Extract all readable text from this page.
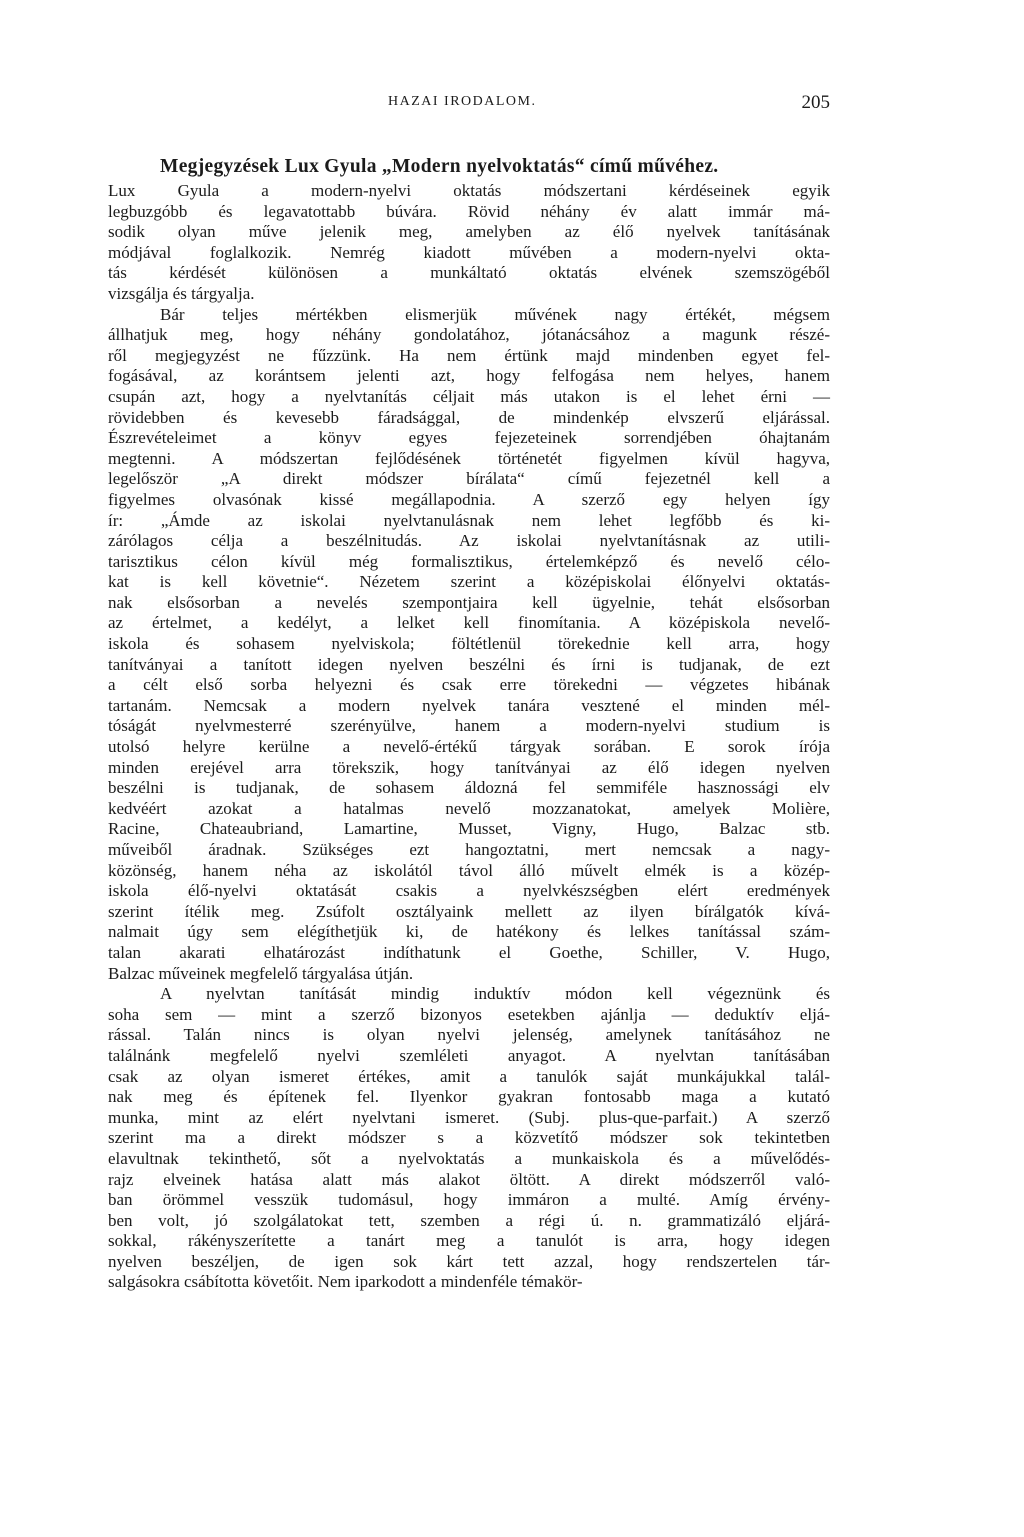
HAZAI IRODALOM.	205
Megjegyzések Lux Gyula „Modern nyelvoktatás“ című művéhez.
Lux Gyula a modern-nyelvi oktatás módszertani kérdéseinek egyik
legbuzgóbb és legavatottabb búvára. Rövid néhány év alatt immár má-
sodik olyan műve jelenik meg, amelyben az élő nyelvek tanításának
módjával foglalkozik. Nemrég kiadott művében a modern-nyelvi okta-
tás kérdését különösen a munkáltató oktatás elvének szemszögéből
vizsgálja és tárgyalja.
Bár teljes mértékben elismerjük művének nagy értékét, mégsem
állhatjuk meg, hogy néhány gondolatához, jótanácsához a magunk részé-
ről megjegyzést ne fűzzünk. Ha nem értünk majd mindenben egyet fel-
fogásával, az korántsem jelenti azt, hogy felfogása nem helyes, hanem
csupán azt, hogy a nyelvtanítás céljait más utakon is el lehet érni —
rövidebben és kevesebb fáradsággal, de mindenkép elvszerű eljárással.
Észrevételeimet a könyv egyes fejezeteinek sorrendjében óhajtanám
megtenni. A módszertan fejlődésének történetét figyelmen kívül hagyva,
legelőször „A direkt módszer bírálata“ című fejezetnél kell a
figyelmes olvasónak kissé megállapodnia. A szerző egy helyen így
ír: „Ámde az iskolai nyelvtanulásnak nem lehet legfőbb és ki-
zárólagos célja a beszélnitudás. Az iskolai nyelvtanításnak az utili-
tarisztikus célon kívül még formalisztikus, értelemképző és nevelő célo-
kat is kell követnie“. Nézetem szerint a középiskolai élőnyelvi oktatás-
nak elsősorban a nevelés szempontjaira kell ügyelnie, tehát elsősorban
az értelmet, a kedélyt, a lelket kell finomítania. A középiskola nevelő-
iskola és sohasem nyelviskola; föltétlenül törekednie kell arra, hogy
tanítványai a tanított idegen nyelven beszélni és írni is tudjanak, de ezt
a célt első sorba helyezni és csak erre törekedni — végzetes hibának
tartanám. Nemcsak a modern nyelvek tanára vesztené el minden mél-
tóságát nyelvmesterré szerényülve, hanem a modern-nyelvi studium is
utolsó helyre kerülne a nevelő-értékű tárgyak sorában. E sorok írója
minden erejével arra törekszik, hogy tanítványai az élő idegen nyelven
beszélni is tudjanak, de sohasem áldozná fel semmiféle hasznossági elv
kedvéért azokat a hatalmas nevelő mozzanatokat, amelyek Molière,
Racine, Chateaubriand, Lamartine, Musset, Vigny, Hugo, Balzac stb.
műveiből áradnak. Szükséges ezt hangoztatni, mert nemcsak a nagy-
közönség, hanem néha az iskolától távol álló művelt elmék is a közép-
iskola élő-nyelvi oktatását csakis a nyelvkészségben elért eredmények
szerint ítélik meg. Zsúfolt osztályaink mellett az ilyen bírálgatók kívá-
nalmait úgy sem elégíthetjük ki, de hatékony és lelkes tanítással szám-
talan akarati elhatározást indíthatunk el Goethe, Schiller, V. Hugo,
Balzac műveinek megfelelő tárgyalása útján.
A nyelvtan tanítását mindig induktív módon kell végeznünk és
soha sem — mint a szerző bizonyos esetekben ajánlja — deduktív eljá-
rással. Talán nincs is olyan nyelvi jelenség, amelynek tanításához ne
találnánk megfelelő nyelvi szemléleti anyagot. A nyelvtan tanításában
csak az olyan ismeret értékes, amit a tanulók saját munkájukkal talál-
nak meg és építenek fel. Ilyenkor gyakran fontosabb maga a kutató
munka, mint az elért nyelvtani ismeret. (Subj. plus-que-parfait.) A szerző
szerint ma a direkt módszer s a közvetítő módszer sok tekintetben
elavultnak tekinthető, sőt a nyelvoktatás a munkaiskola és a művelődés-
rajz elveinek hatása alatt más alakot öltött. A direkt módszerről való-
ban örömmel vesszük tudomásul, hogy immáron a multé. Amíg érvény-
ben volt, jó szolgálatokat tett, szemben a régi ú. n. grammatizáló eljárá-
sokkal, rákényszerítette a tanárt meg a tanulót is arra, hogy idegen
nyelven beszéljen, de igen sok kárt tett azzal, hogy rendszertelen tár-
salgásokra csábította követőit. Nem iparkodott a mindenféle témakör-
